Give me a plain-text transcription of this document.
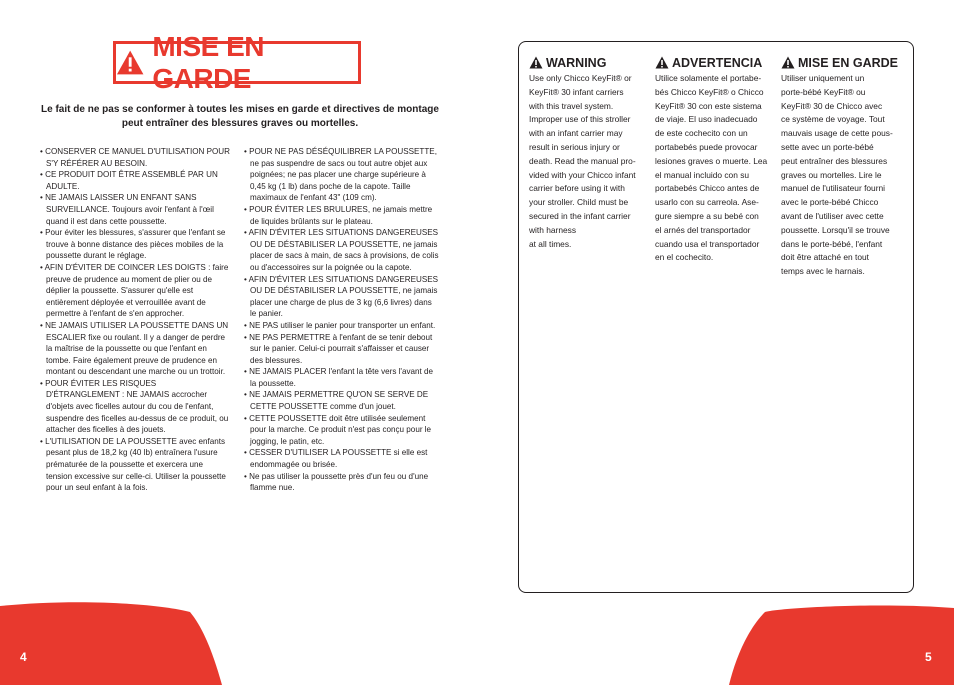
MISE EN GARDE
Le fait de ne pas se conformer à toutes les mises en garde et directives de montage peut entraîner des blessures graves ou mortelles.
• CONSERVER CE MANUEL D'UTILISATION POUR S'Y RÉFÉRER AU BESOIN.
• CE PRODUIT DOIT ÊTRE ASSEMBLÉ PAR UN ADULTE.
• NE JAMAIS LAISSER UN ENFANT SANS SURVEILLANCE. Toujours avoir l'enfant à l'œil quand il est dans cette poussette.
• Pour éviter les blessures, s'assurer que l'enfant se trouve à bonne distance des pièces mobiles de la poussette durant le réglage.
• AFIN D'ÉVITER DE COINCER LES DOIGTS : faire preuve de prudence au moment de plier ou de déplier la poussette. S'assurer qu'elle est entièrement déployée et verrouillée avant de permettre à l'enfant de s'en approcher.
• NE JAMAIS UTILISER LA POUSSETTE DANS UN ESCALIER fixe ou roulant. Il y a danger de perdre la maîtrise de la poussette ou que l'enfant en tombe. Faire également preuve de prudence en montant ou descendant une marche ou un trottoir.
• POUR ÉVITER LES RISQUES D'ÉTRANGLEMENT : NE JAMAIS accrocher d'objets avec ficelles autour du cou de l'enfant, suspendre des ficelles au-dessus de ce produit, ou attacher des ficelles à des jouets.
• L'UTILISATION DE LA POUSSETTE avec enfants pesant plus de 18,2 kg (40 lb) entraînera l'usure prématurée de la poussette et exercera une tension excessive sur celle-ci. Utiliser la poussette pour un seul enfant à la fois.
• POUR NE PAS DÉSÉQUILIBRER LA POUSSETTE, ne pas suspendre de sacs ou tout autre objet aux poignées; ne pas placer une charge supérieure à 0,45 kg (1 lb) dans poche de la capote. Taille maximaux de l'enfant 43" (109 cm).
• POUR ÉVITER LES BRULURES, ne jamais mettre de liquides brûlants sur le plateau.
• AFIN D'ÉVITER LES SITUATIONS DANGEREUSES OU DE DÉSTABILISER LA POUSSETTE, ne jamais placer de sacs à main, de sacs à provisions, de colis ou d'accessoires sur la poignée ou la capote.
• AFIN D'ÉVITER LES SITUATIONS DANGEREUSES OU DE DÉSTABILISER LA POUSSETTE, ne jamais placer une charge de plus de 3 kg (6,6 livres) dans le panier.
• NE PAS utiliser le panier pour transporter un enfant.
• NE PAS PERMETTRE à l'enfant de se tenir debout sur le panier. Celui-ci pourrait s'affaisser et causer des blessures.
• NE JAMAIS PLACER l'enfant la tête vers l'avant de la poussette.
• NE JAMAIS PERMETTRE QU'ON SE SERVE DE CETTE POUSSETTE comme d'un jouet.
• CETTE POUSSETTE doit être utilisée seulement pour la marche. Ce produit n'est pas conçu pour le jogging, le patin, etc.
• CESSER D'UTILISER LA POUSSETTE si elle est endommagée ou brisée.
• Ne pas utiliser la poussette près d'un feu ou d'une flamme nue.
4
WARNING
Use only Chicco KeyFit® or
KeyFit® 30 infant carriers
with this travel system.
Improper use of this stroller
with an infant carrier may
result in serious injury or
death. Read the manual pro-
vided with your Chicco infant
carrier before using it with
your stroller. Child must be
secured in the infant carrier
with harness
at all times.
ADVERTENCIA
Utilice solamente el portabe-
bés Chicco KeyFit® o Chicco
KeyFit® 30 con este sistema
de viaje. El uso inadecuado
de este cochecito con un
portabebés puede provocar
lesiones graves o muerte. Lea
el manual incluido con su
portabebés Chicco antes de
usarlo con su carreola. Ase-
gure siempre a su bebé con
el arnés del transportador
cuando usa el transportador
en el cochecito.
MISE EN GARDE
Utiliser uniquement un
porte-bébé KeyFit® ou
KeyFit® 30 de Chicco avec
ce système de voyage. Tout
mauvais usage de cette pous-
sette avec un porte-bébé
peut entraîner des blessures
graves ou mortelles. Lire le
manuel de l'utilisateur fourni
avec le porte-bébé Chicco
avant de l'utiliser avec cette
poussette. Lorsqu'il se trouve
dans le porte-bébé, l'enfant
doit être attaché en tout
temps avec le harnais.
5
